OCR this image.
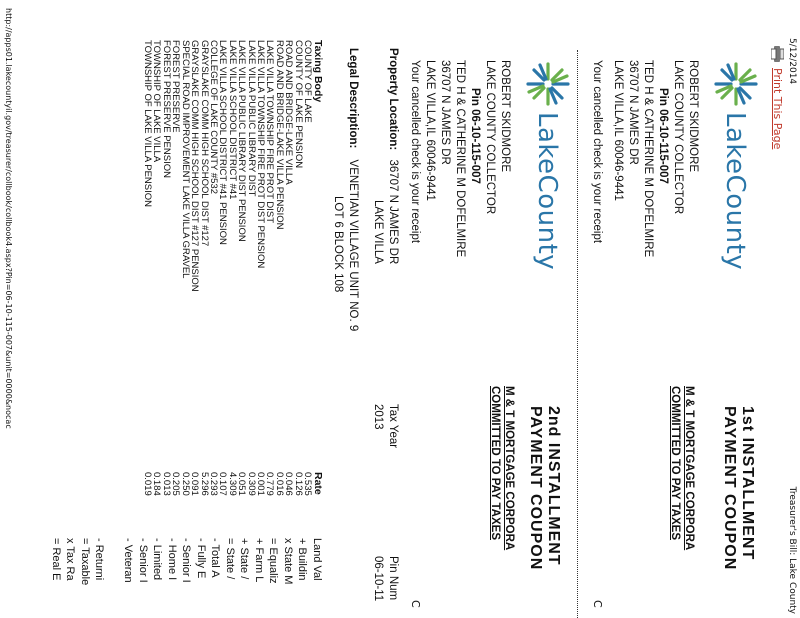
5/12/2014
Treasurer's Bill: Lake County
Print This Page
LakeCounty
ROBERT SKIDMORE
LAKE COUNTY COLLECTOR
Pin 06-10-115-007
TED H & CATHERINE M DOFELMIRE
36707 N JAMES DR
LAKE VILLA,IL 60046-9441
Your cancelled check is your receipt
1st INSTALLMENT
PAYMENT COUPON
M & T MORTGAGE CORPORA
COMMITTED TO PAY TAXES
C
LakeCounty
ROBERT SKIDMORE
LAKE COUNTY COLLECTOR
Pin 06-10-115-007
TED H & CATHERINE M DOFELMIRE
36707 N JAMES DR
LAKE VILLA,IL 60046-9441
Your cancelled check is your receipt
2nd INSTALLMENT
PAYMENT COUPON
M & T MORTGAGE CORPORA
COMMITTED TO PAY TAXES
C
Property Location: 36707 N JAMES DR
LAKE VILLA
Tax Year
2013
Pin Num
06-10-11
Legal Description: VENETIAN VILLAGE UNIT NO. 9
LOT 6 BLOCK 108
Taxing Body
Rate
COUNTY OF LAKE
0.535
COUNTY OF LAKE PENSION
0.126
ROAD AND BRIDGE-LAKE VILLA
0.046
ROAD AND BRIDGE-LAKE VILLA PENSION
0.016
LAKE VILLA TOWNSHIP FIRE PROT DIST
0.779
LAKE VILLA TOWNSHIP FIRE PROT DIST PENSION
0.001
LAKE VILLA PUBLIC LIBRARY DIST
0.309
LAKE VILLA PUBLIC LIBRARY DIST PENSION
0.051
LAKE VILLA SCHOOL DISTRICT #41
4.309
LAKE VILLA SCHOOL DISTRICT #41 PENSION
0.107
COLLEGE OF LAKE COUNTY #532
0.293
GRAYSLAKE COMM HIGH SCHOOL DIST #127
5.296
GRAYSLAKE COMM HIGH SCHOOL DIST #127 PENSION
0.091
SPECIAL ROAD IMPROVEMENT LAKE VILLA GRAVEL
0.250
FOREST PRESERVE
0.205
FOREST PRESERVE PENSION
0.013
TOWNSHIP OF LAKE VILLA
0.184
TOWNSHIP OF LAKE VILLA PENSION
0.019
Land Val
+ Buildin
x State M
= Equaliz
+ Farm L
+ State /
= State /
- Total A
- Fully E
- Senior I
- Home I
- Limited
- Senior I
- Veteran

- Returni
= Taxable
x Tax Ra
= Real E
http://apps01.lakecountyil.gov/treasurer/collbook/collbook4.aspx?Pin=06-10-115-007&unit=0000&nocac
